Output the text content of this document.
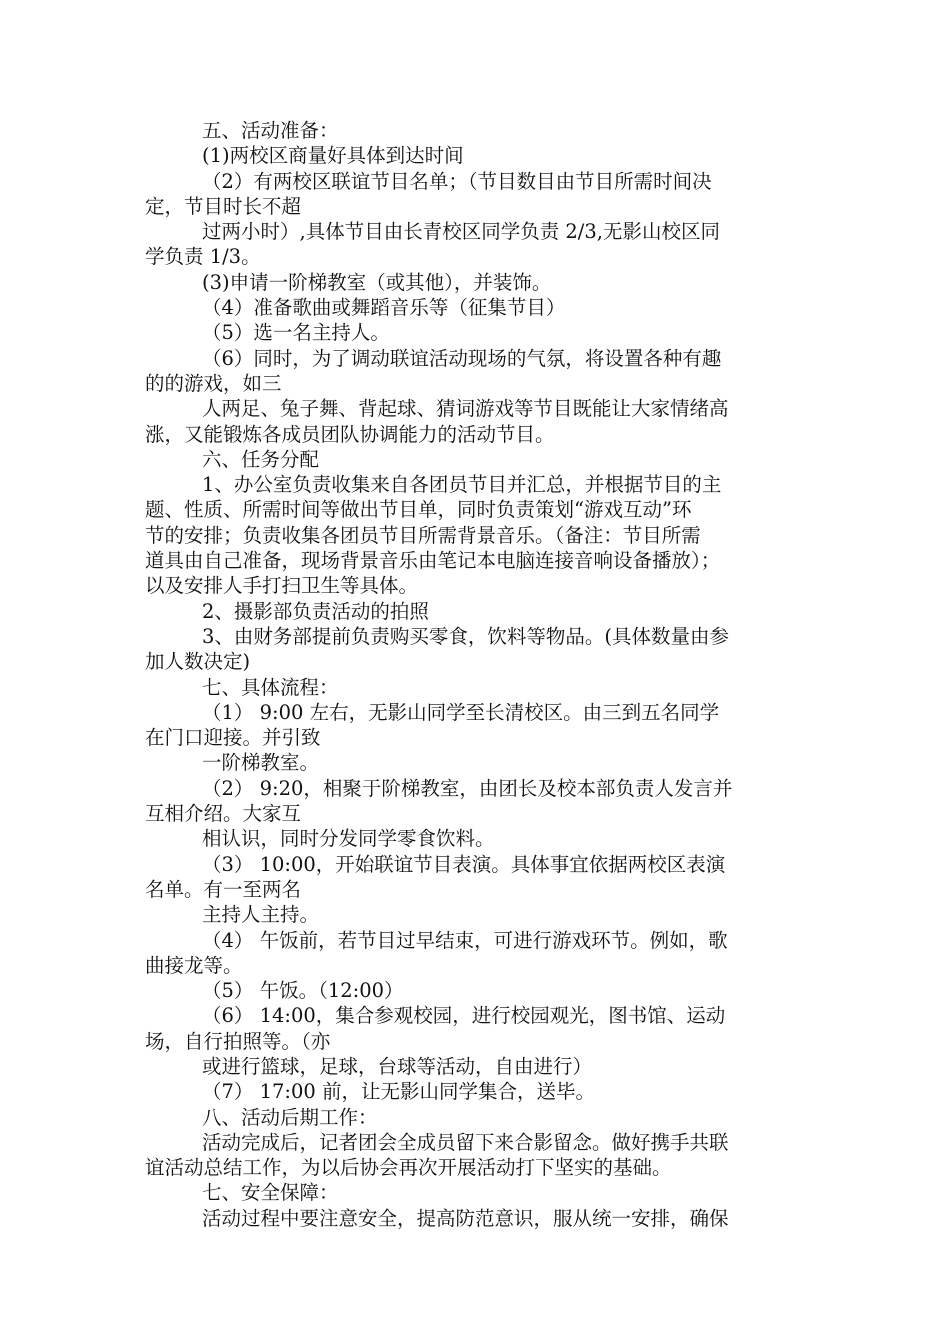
五、活动准备：
(1)两校区商量好具体到达时间
（2）有两校区联谊节目名单；（节目数目由节目所需时间决
定，节目时长不超
过两小时）,具体节目由长青校区同学负责 2/3,无影山校区同
学负责 1/3。
(3)申请一阶梯教室（或其他），并装饰。
（4）准备歌曲或舞蹈音乐等（征集节目）
（5）选一名主持人。
（6）同时，为了调动联谊活动现场的气氛，将设置各种有趣
的的游戏，如三
人两足、兔子舞、背起球、猜词游戏等节目既能让大家情绪高
涨，又能锻炼各成员团队协调能力的活动节目。
六、任务分配
1、办公室负责收集来自各团员节目并汇总，并根据节目的主
题、性质、所需时间等做出节目单，同时负责策划“游戏互动”环
节的安排；负责收集各团员节目所需背景音乐。（备注：节目所需
道具由自己准备，现场背景音乐由笔记本电脑连接音响设备播放）；
以及安排人手打扫卫生等具体。
2、摄影部负责活动的拍照
3、由财务部提前负责购买零食，饮料等物品。(具体数量由参
加人数决定)
七、具体流程：
（1） 9:00 左右，无影山同学至长清校区。由三到五名同学
在门口迎接。并引致
一阶梯教室。
（2） 9:20，相聚于阶梯教室，由团长及校本部负责人发言并
互相介绍。大家互
相认识，同时分发同学零食饮料。
（3） 10:00，开始联谊节目表演。具体事宜依据两校区表演
名单。有一至两名
主持人主持。
（4） 午饭前，若节目过早结束，可进行游戏环节。例如，歌
曲接龙等。
（5） 午饭。（12:00）
（6） 14:00，集合参观校园，进行校园观光，图书馆、运动
场，自行拍照等。（亦
或进行篮球，足球，台球等活动，自由进行）
（7） 17:00 前，让无影山同学集合，送毕。
八、活动后期工作：
活动完成后，记者团会全成员留下来合影留念。做好携手共联
谊活动总结工作，为以后协会再次开展活动打下坚实的基础。
七、安全保障：
活动过程中要注意安全，提高防范意识，服从统一安排，确保
